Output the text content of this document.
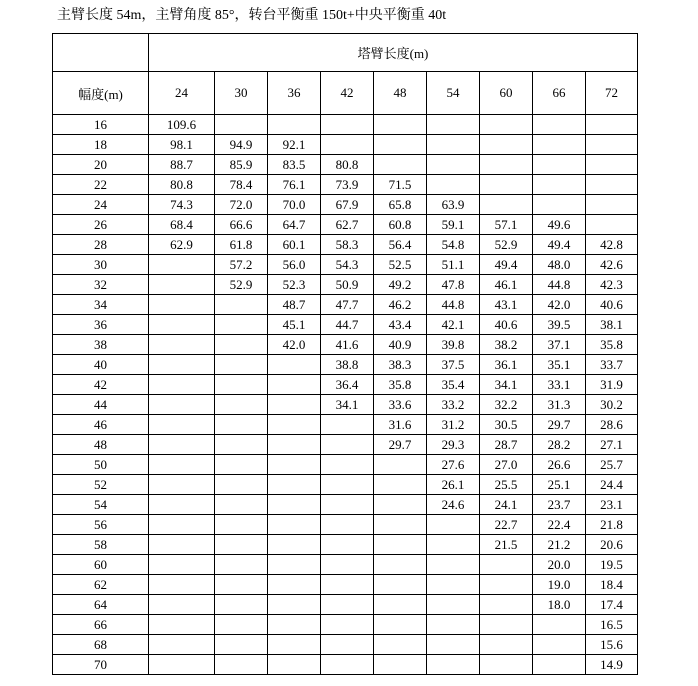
主臂长度 54m，主臂角度 85°，转台平衡重 150t+中央平衡重 40t
	塔臂长度(m)								
幅度(m)	24	30	36	42	48	54	60	66	72
16	109.6								
18	98.1	94.9	92.1						
20	88.7	85.9	83.5	80.8					
22	80.8	78.4	76.1	73.9	71.5				
24	74.3	72.0	70.0	67.9	65.8	63.9			
26	68.4	66.6	64.7	62.7	60.8	59.1	57.1	49.6	
28	62.9	61.8	60.1	58.3	56.4	54.8	52.9	49.4	42.8
30		57.2	56.0	54.3	52.5	51.1	49.4	48.0	42.6
32		52.9	52.3	50.9	49.2	47.8	46.1	44.8	42.3
34			48.7	47.7	46.2	44.8	43.1	42.0	40.6
36			45.1	44.7	43.4	42.1	40.6	39.5	38.1
38			42.0	41.6	40.9	39.8	38.2	37.1	35.8
40				38.8	38.3	37.5	36.1	35.1	33.7
42				36.4	35.8	35.4	34.1	33.1	31.9
44				34.1	33.6	33.2	32.2	31.3	30.2
46					31.6	31.2	30.5	29.7	28.6
48					29.7	29.3	28.7	28.2	27.1
50						27.6	27.0	26.6	25.7
52						26.1	25.5	25.1	24.4
54						24.6	24.1	23.7	23.1
56							22.7	22.4	21.8
58							21.5	21.2	20.6
60								20.0	19.5
62								19.0	18.4
64								18.0	17.4
66									16.5
68									15.6
70									14.9
